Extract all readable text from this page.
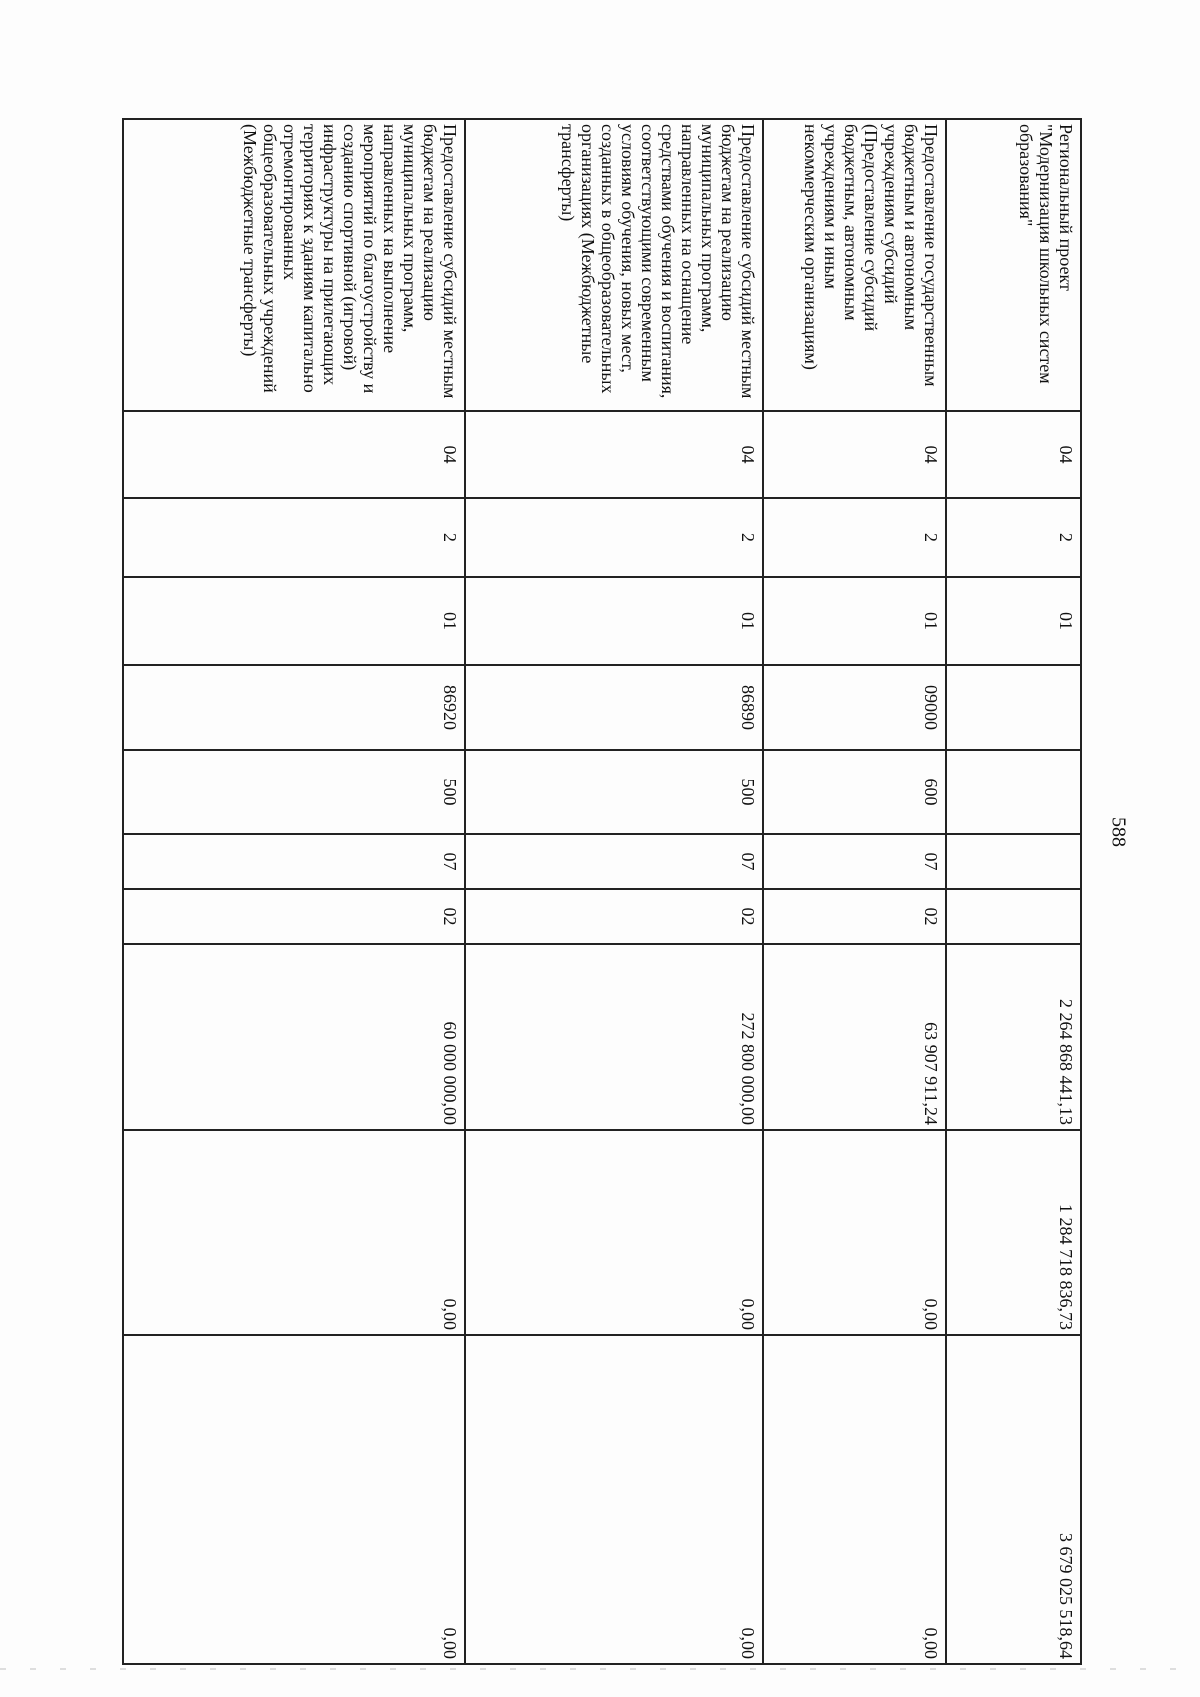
588
Региональный проект "Модернизация школьных систем образования"	04	2	01					2 264 868 441,13	1 284 718 836,73	3 679 025 518,64
Предоставление государственным бюджетным и автономным учреждениям субсидий (Предоставление субсидий бюджетным, автономным учреждениям и иным некоммерческим организациям)	04	2	01	09000	600	07	02	63 907 911,24	0,00	0,00
Предоставление субсидий местным бюджетам на реализацию муниципальных программ, направленных на оснащение средствами обучения и воспитания, соответствующими современным условиям обучения, новых мест, созданных в общеобразовательных организациях (Межбюджетные трансферты)	04	2	01	86890	500	07	02	272 800 000,00	0,00	0,00
Предоставление субсидий местным бюджетам на реализацию муниципальных программ, направленных на выполнение мероприятий по благоустройству и созданию спортивной (игровой) инфраструктуры на прилегающих территориях к зданиям капитально отремонтированных общеобразовательных учреждений (Межбюджетные трансферты)	04	2	01	86920	500	07	02	60 000 000,00	0,00	0,00
